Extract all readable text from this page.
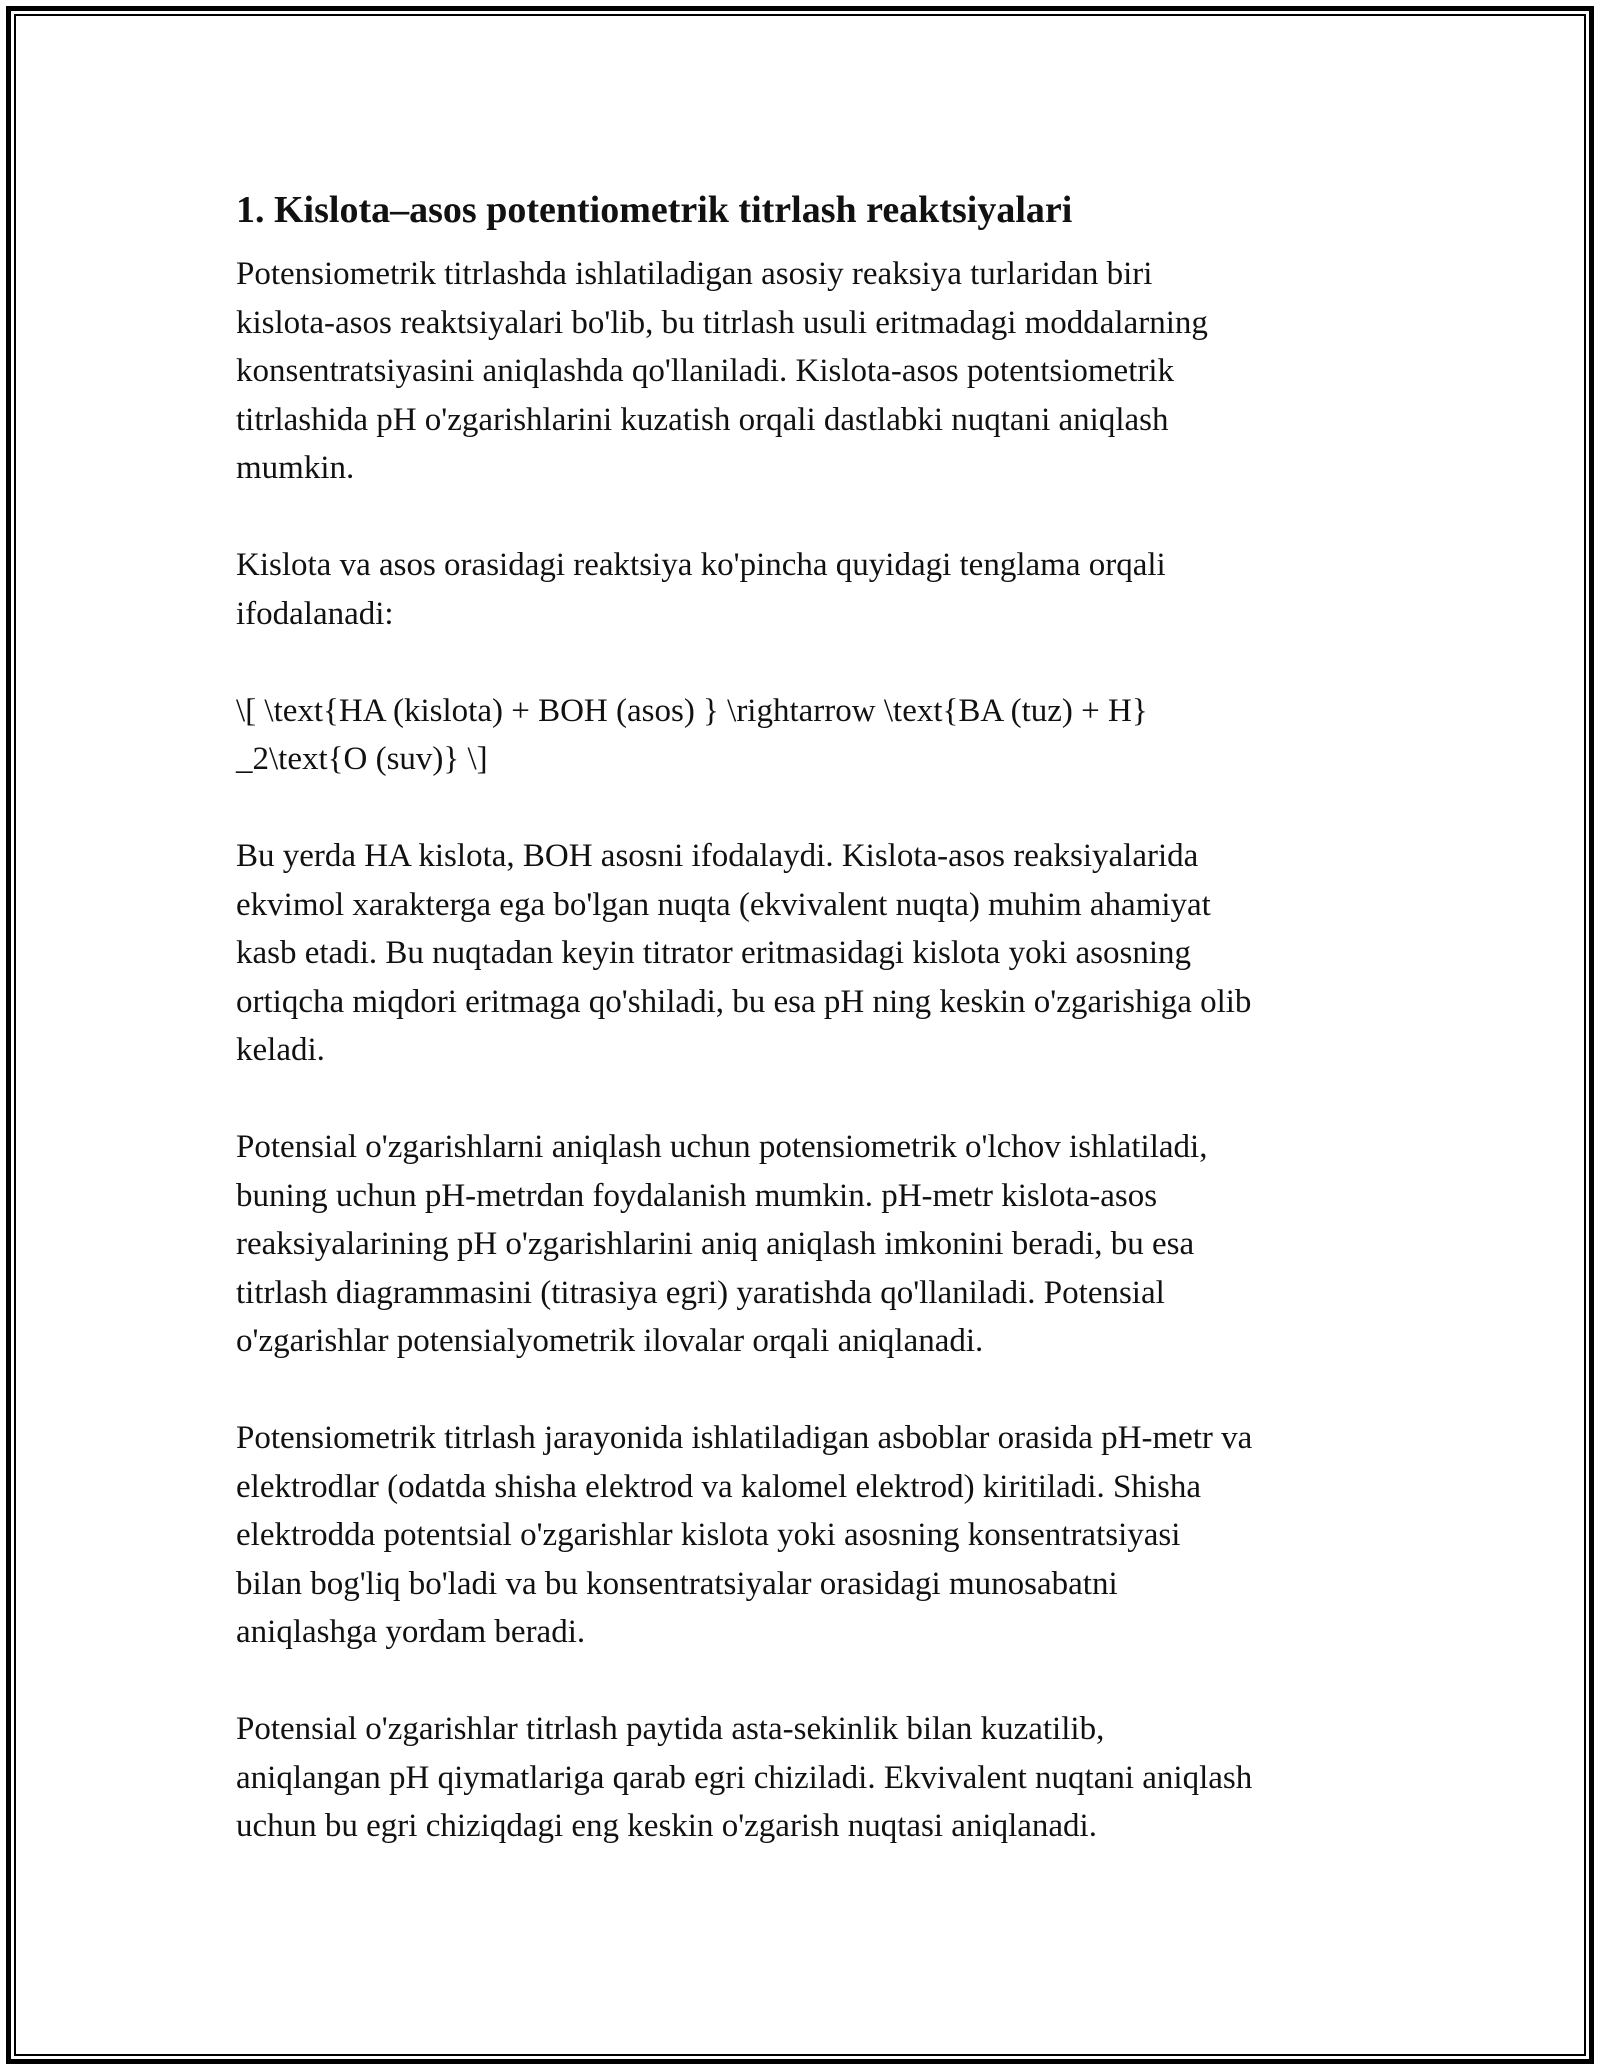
1. Kislota–asos potentiometrik titrlash reaktsiyalari
Potensiometrik titrlashda ishlatiladigan asosiy reaksiya turlaridan biri
kislota-asos reaktsiyalari bo'lib, bu titrlash usuli eritmadagi moddalarning
konsentratsiyasini aniqlashda qo'llaniladi. Kislota-asos potentsiometrik
titrlashida pH o'zgarishlarini kuzatish orqali dastlabki nuqtani aniqlash
mumkin.
Kislota va asos orasidagi reaktsiya ko'pincha quyidagi tenglama orqali
ifodalanadi:
\[ \text{HA (kislota) + BOH (asos) } \rightarrow \text{BA (tuz) + H}
_2\text{O (suv)} \]
Bu yerda HA kislota, BOH asosni ifodalaydi. Kislota-asos reaksiyalarida
ekvimol xarakterga ega bo'lgan nuqta (ekvivalent nuqta) muhim ahamiyat
kasb etadi. Bu nuqtadan keyin titrator eritmasidagi kislota yoki asosning
ortiqcha miqdori eritmaga qo'shiladi, bu esa pH ning keskin o'zgarishiga olib
keladi.
Potensial o'zgarishlarni aniqlash uchun potensiometrik o'lchov ishlatiladi,
buning uchun pH-metrdan foydalanish mumkin. pH-metr kislota-asos
reaksiyalarining pH o'zgarishlarini aniq aniqlash imkonini beradi, bu esa
titrlash diagrammasini (titrasiya egri) yaratishda qo'llaniladi. Potensial
o'zgarishlar potensialyometrik ilovalar orqali aniqlanadi.
Potensiometrik titrlash jarayonida ishlatiladigan asboblar orasida pH-metr va
elektrodlar (odatda shisha elektrod va kalomel elektrod) kiritiladi. Shisha
elektrodda potentsial o'zgarishlar kislota yoki asosning konsentratsiyasi
bilan bog'liq bo'ladi va bu konsentratsiyalar orasidagi munosabatni
aniqlashga yordam beradi.
Potensial o'zgarishlar titrlash paytida asta-sekinlik bilan kuzatilib,
aniqlangan pH qiymatlariga qarab egri chiziladi. Ekvivalent nuqtani aniqlash
uchun bu egri chiziqdagi eng keskin o'zgarish nuqtasi aniqlanadi.
